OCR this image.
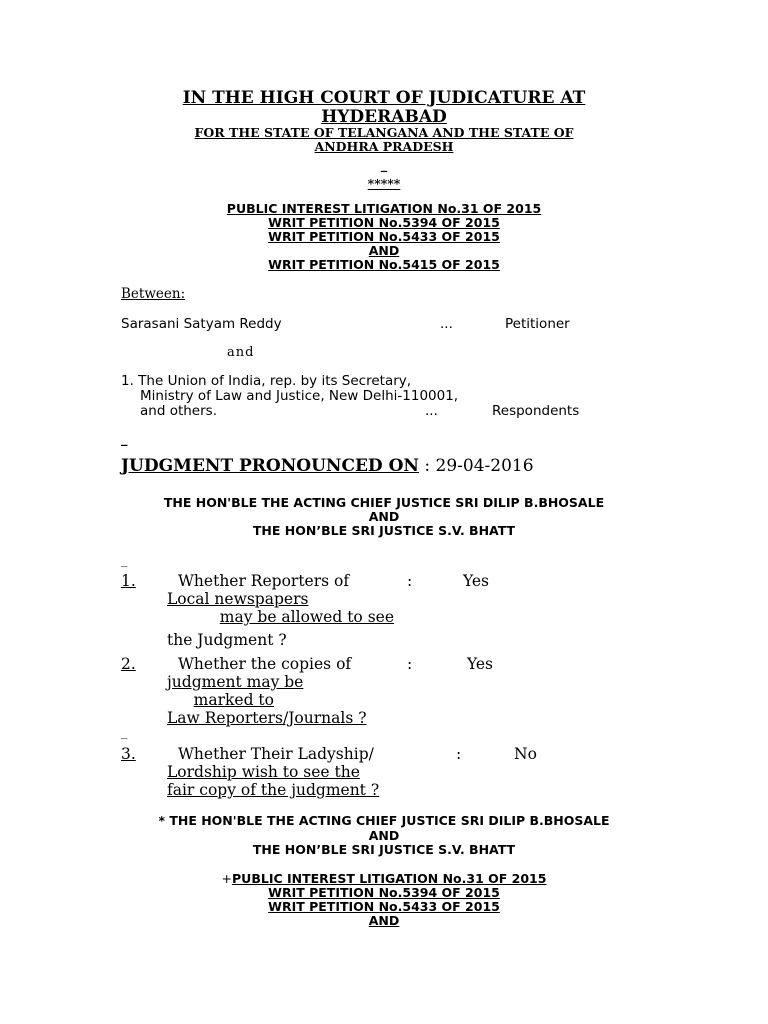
IN THE HIGH COURT OF JUDICATURE AT
HYDERABAD
FOR THE STATE OF TELANGANA AND THE STATE OF
ANDHRA PRADESH
_
*****
PUBLIC INTEREST LITIGATION No.31 OF 2015
WRIT PETITION No.5394 OF 2015
WRIT PETITION No.5433 OF 2015
AND
WRIT PETITION No.5415 OF 2015
Between:
Sarasani Satyam Reddy	...	Petitioner
and
1. The Union of India, rep. by its Secretary,
Ministry of Law and Justice, New Delhi-110001,
and others.	...	Respondents
_
JUDGMENT PRONOUNCED ON : 29-04-2016
THE HON'BLE THE ACTING CHIEF JUSTICE SRI DILIP B.BHOSALE
AND
THE HON’BLE SRI JUSTICE S.V. BHATT
_
1.	Whether Reporters of	:	Yes
Local newspapers
may be allowed to see
the Judgment ?
2.	Whether the copies of	:	Yes
judgment may be
marked to
Law Reporters/Journals ?
_
3.	Whether Their Ladyship/	:	No
Lordship wish to see the
fair copy of the judgment ?
* THE HON'BLE THE ACTING CHIEF JUSTICE SRI DILIP B.BHOSALE
AND
THE HON’BLE SRI JUSTICE S.V. BHATT
+PUBLIC INTEREST LITIGATION No.31 OF 2015
WRIT PETITION No.5394 OF 2015
WRIT PETITION No.5433 OF 2015
AND
